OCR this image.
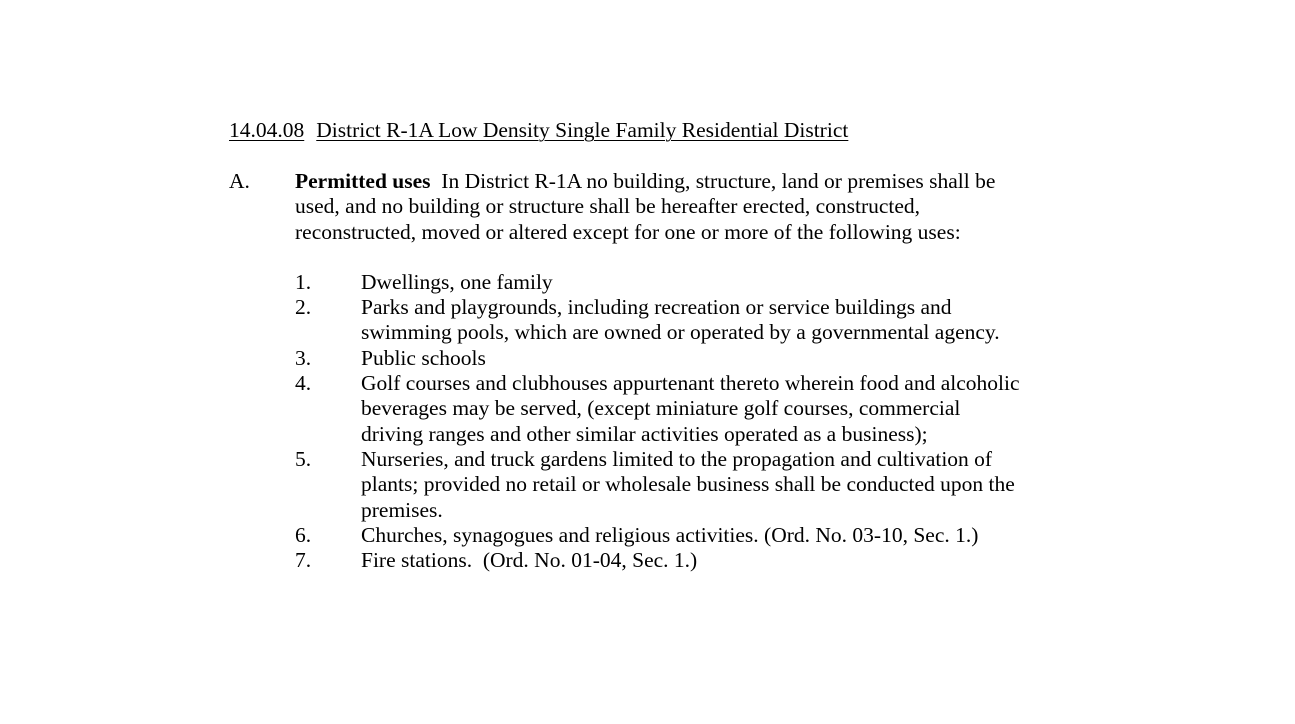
14.04.08 District R-1A Low Density Single Family Residential District

A. Permitted uses In District R-1A no building, structure, land or premises shall be used, and no building or structure shall be hereafter erected, constructed, reconstructed, moved or altered except for one or more of the following uses:

1. Dwellings, one family
2. Parks and playgrounds, including recreation or service buildings and swimming pools, which are owned or operated by a governmental agency.
3. Public schools
4. Golf courses and clubhouses appurtenant thereto wherein food and alcoholic beverages may be served, (except miniature golf courses, commercial driving ranges and other similar activities operated as a business);
5. Nurseries, and truck gardens limited to the propagation and cultivation of plants; provided no retail or wholesale business shall be conducted upon the premises.
6. Churches, synagogues and religious activities. (Ord. No. 03-10, Sec. 1.)
7. Fire stations.  (Ord. No. 01-04, Sec. 1.)
